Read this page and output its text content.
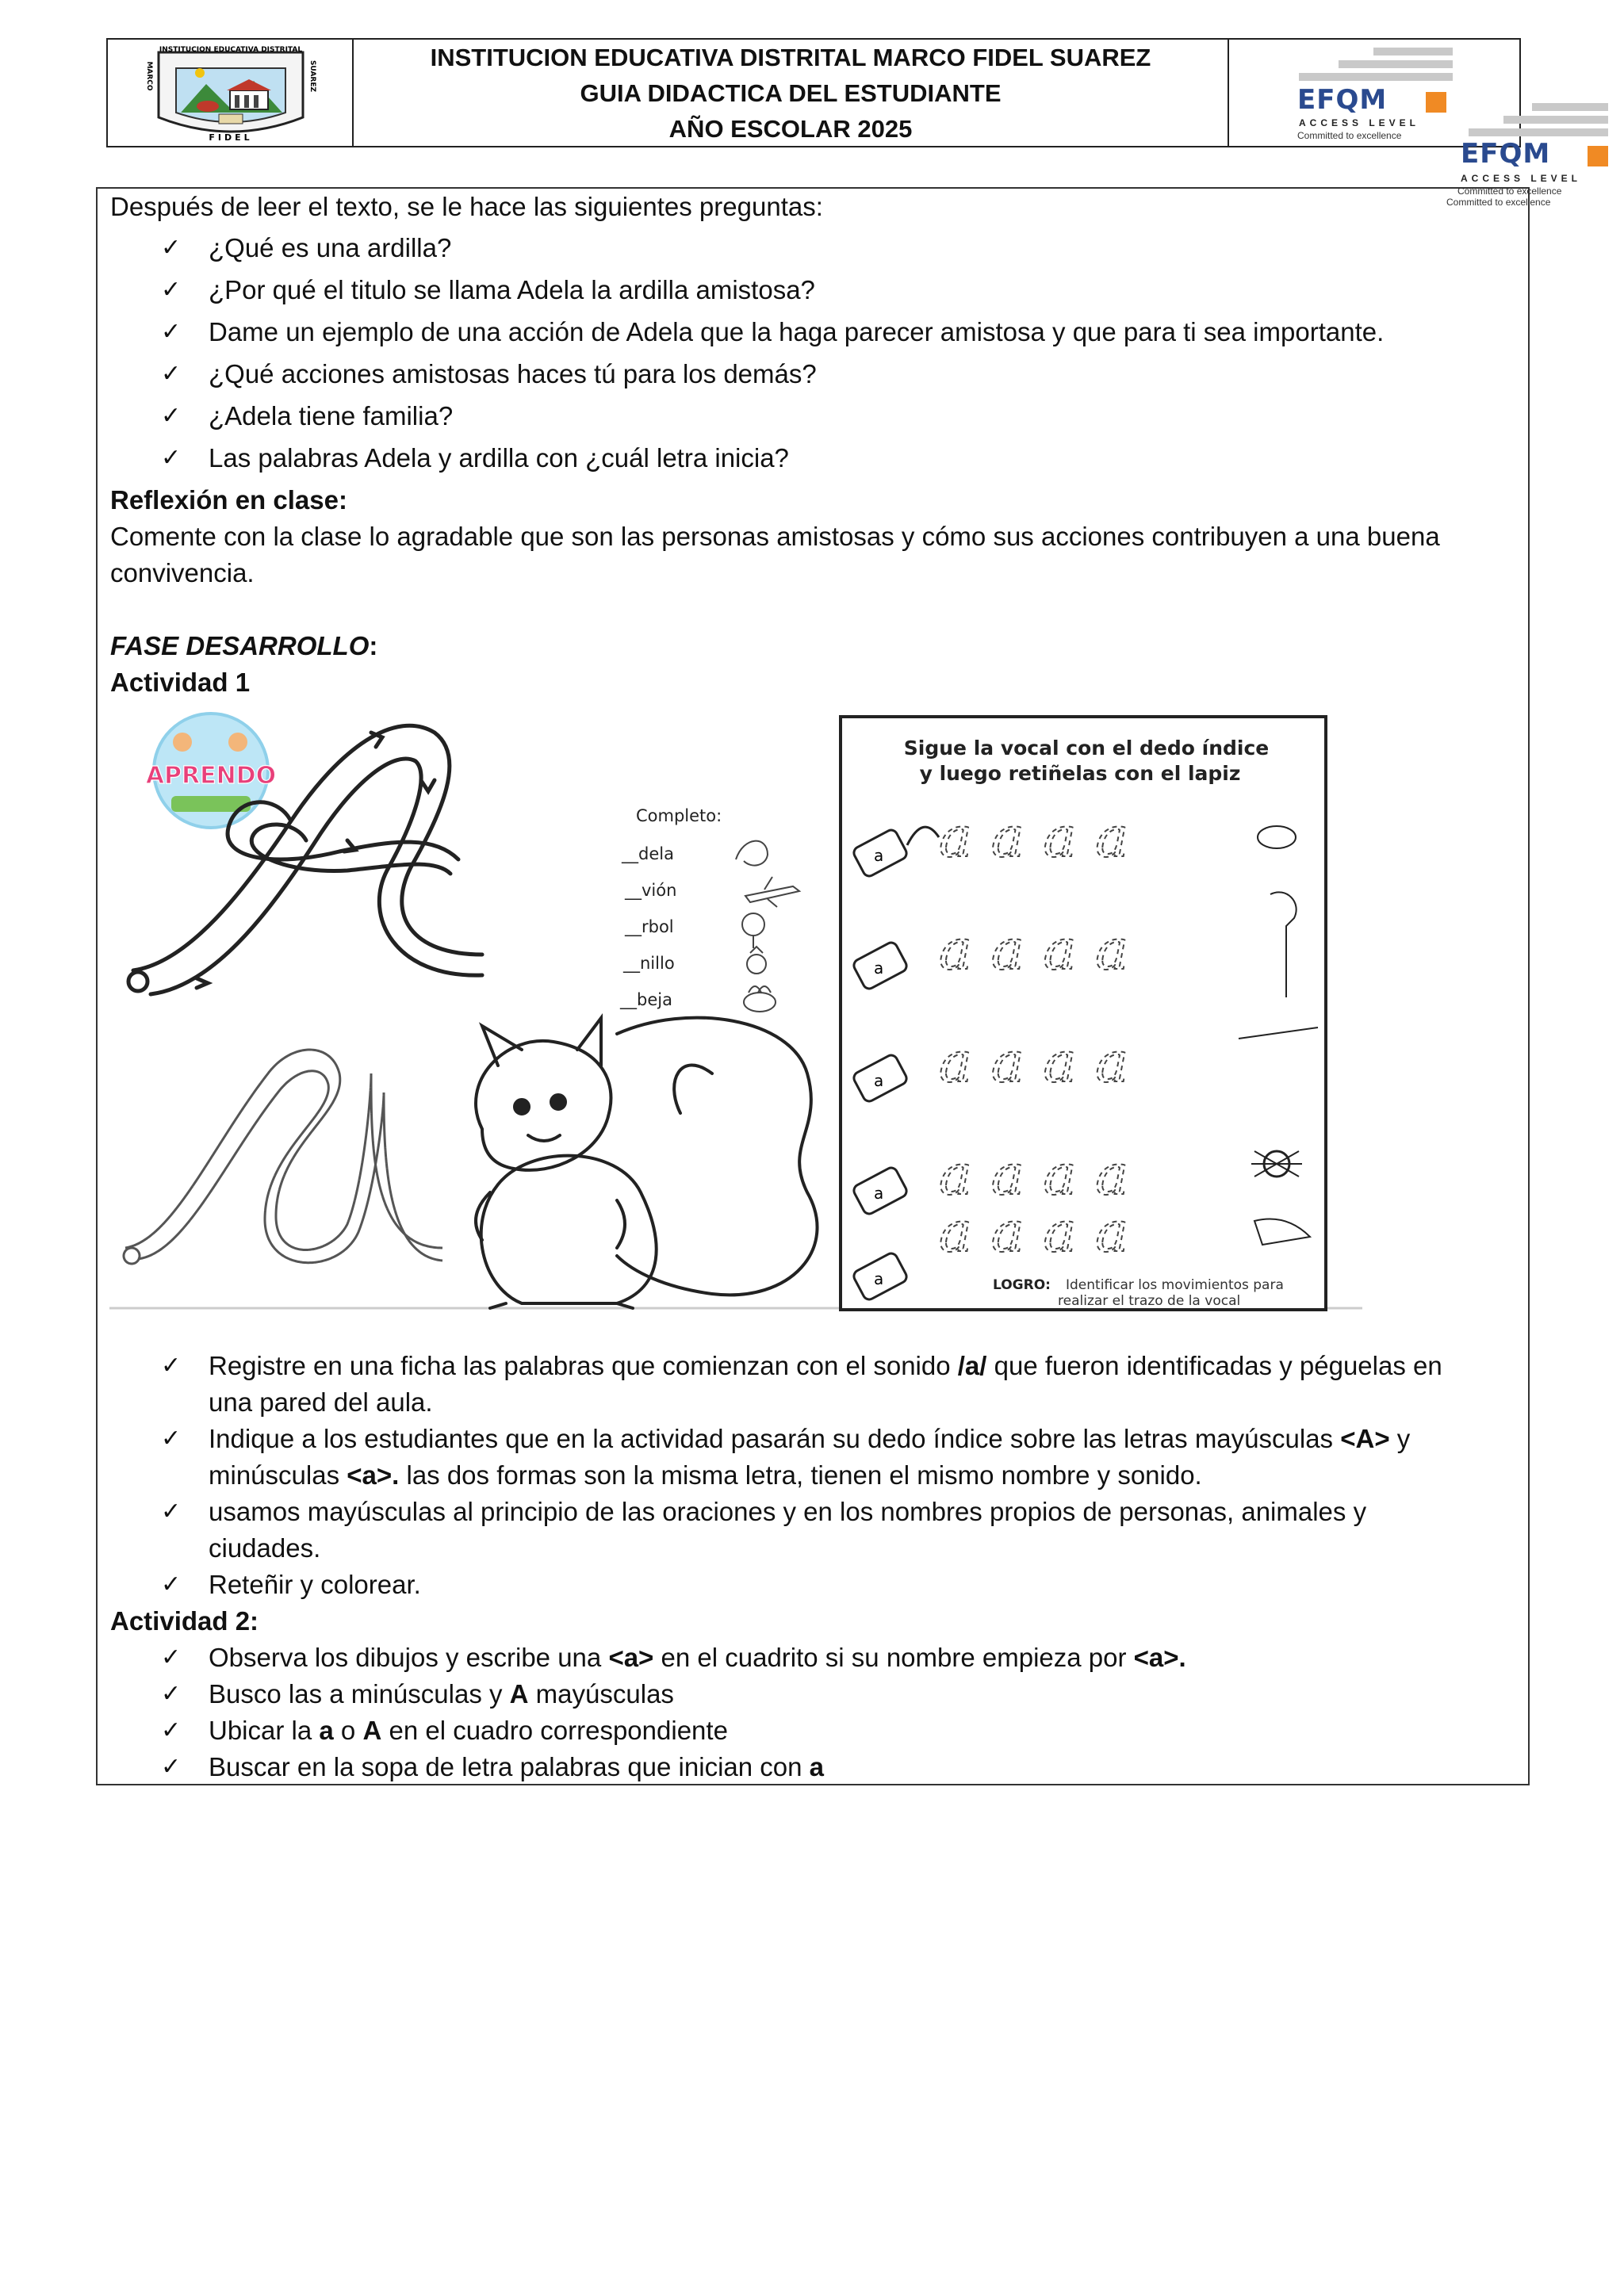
INSTITUCION EDUCATIVA DISTRITAL
MARCO	SUAREZ
FIDEL
INSTITUCION EDUCATIVA DISTRITAL MARCO FIDEL SUAREZ
GUIA DIDACTICA DEL ESTUDIANTE
AÑO ESCOLAR 2025
EFQM
ACCESS LEVEL
Committed to excellence
EFQM
ACCESS LEVEL
Committed to excellence
Committed to excellence
Después de leer el texto, se le hace las siguientes preguntas:
✓ ¿Qué es una ardilla?
✓ ¿Por qué el titulo se llama Adela la ardilla amistosa?
✓ Dame un ejemplo de una acción de Adela que la haga parecer amistosa y que para ti sea importante.
✓ ¿Qué acciones amistosas haces tú para los demás?
✓ ¿Adela tiene familia?
✓ Las palabras Adela y ardilla con ¿cuál letra inicia?
Reflexión en clase:
Comente con la clase lo agradable que son las personas amistosas y cómo sus acciones contribuyen a una buena
convivencia.
FASE DESARROLLO:
Actividad 1
APRENDO
Completo:
__dela
__vión
__rbol
__nillo
__beja
Sigue la vocal con el dedo índice
y luego retiñelas con el lapiz
a aaaa
a aaaa
a aaaa
a aaaa
a
aaaa
LOGRO: Identificar los movimientos para
realizar el trazo de la vocal
✓ Registre en una ficha las palabras que comienzan con el sonido /a/ que fueron identificadas y péguelas en
una pared del aula.
✓ Indique a los estudiantes que en la actividad pasarán su dedo índice sobre las letras mayúsculas <A> y
minúsculas <a>. las dos formas son la misma letra, tienen el mismo nombre y sonido.
✓ usamos mayúsculas al principio de las oraciones y en los nombres propios de personas, animales y
ciudades.
✓ Reteñir y colorear.
Actividad 2:
✓ Observa los dibujos y escribe una <a> en el cuadrito si su nombre empieza por <a>.
✓ Busco las a minúsculas y A mayúsculas
✓ Ubicar la a o A en el cuadro correspondiente
✓ Buscar en la sopa de letra palabras que inician con a
